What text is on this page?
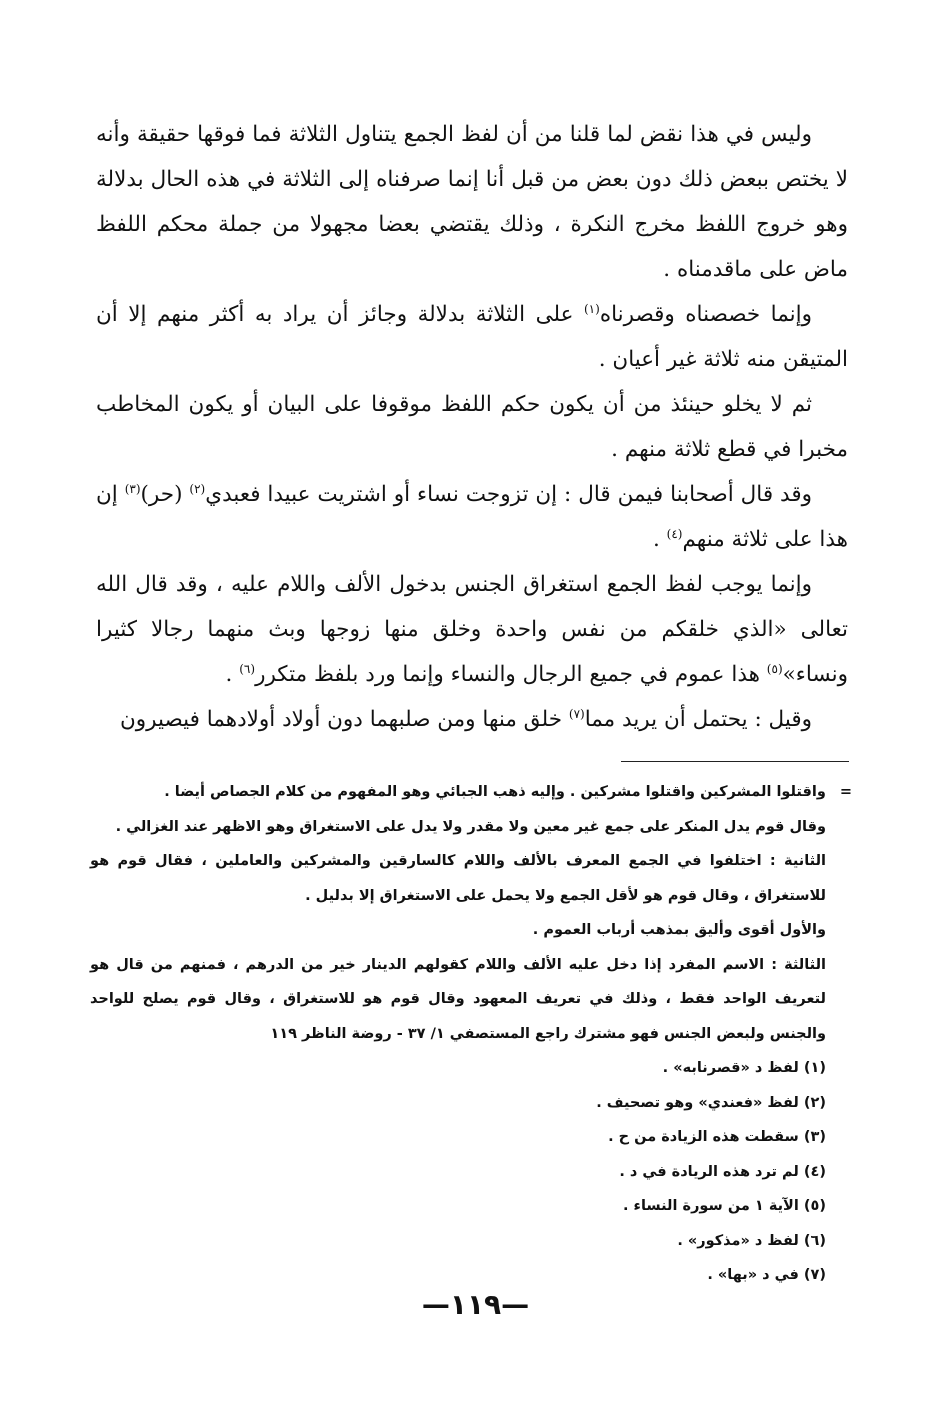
وليس في هذا نقض لما قلنا من أن لفظ الجمع يتناول الثلاثة فما فوقها حقيقة وأنه لا يختص ببعض ذلك دون بعض من قبل أنا إنما صرفناه إلى الثلاثة في هذه الحال بدلالة وهو خروج اللفظ مخرج النكرة ، وذلك يقتضي بعضا مجهولا من جملة محكم اللفظ ماض على ماقدمناه .

وإنما خصصناه وقصرناه$^{(١)}$ على الثلاثة بدلالة وجائز أن يراد به أكثر منهم إلا أن المتيقن منه ثلاثة غير أعيان .

ثم لا يخلو حينئذ من أن يكون حكم اللفظ موقوفا على البيان أو يكون المخاطب مخبرا في قطع ثلاثة منهم .

وقد قال أصحابنا فيمن قال : إن تزوجت نساء أو اشتريت عبيدا فعبدي$^{(٢)}$ (حر)$^{(٣)}$ إن هذا على ثلاثة منهم$^{(٤)}$ .

وإنما يوجب لفظ الجمع استغراق الجنس بدخول الألف واللام عليه ، وقد قال الله تعالى «الذي خلقكم من نفس واحدة وخلق منها زوجها وبث منهما رجالا كثيرا ونساء»$^{(٥)}$ هذا عموم في جميع الرجال والنساء وإنما ورد بلفظ متكرر$^{(٦)}$ .

وقيل : يحتمل أن يريد مما$^{(٧)}$ خلق منها ومن صلبهما دون أولاد أولادهما فيصيرون

=واقتلوا المشركين واقتلوا مشركين . وإليه ذهب الجبائي وهو المفهوم من كلام الجصاص أيضا .

وقال قوم يدل المنكر على جمع غير معين ولا مقدر ولا يدل على الاستغراق وهو الاظهر عند الغزالي .

الثانية : اختلفوا في الجمع المعرف بالألف واللام كالسارقين والمشركين والعاملين ، فقال قوم هو للاستغراق ، وقال قوم هو لأقل الجمع ولا يحمل على الاستغراق إلا بدليل .

والأول أقوى وأليق بمذهب أرباب العموم .

الثالثة : الاسم المفرد إذا دخل عليه الألف واللام كقولهم الدينار خير من الدرهم ، فمنهم من قال هو لتعريف الواحد فقط ، وذلك في تعريف المعهود وقال قوم هو للاستغراق ، وقال قوم يصلح للواحد والجنس ولبعض الجنس فهو مشترك راجع المستصفي ١/ ٣٧ - روضة الناظر ١١٩

(١) لفظ د «قصرنابه» .

(٢) لفظ «فعندي» وهو تصحيف .

(٣) سقطت هذه الزيادة من ح .

(٤) لم ترد هذه الريادة في د .

(٥) الآية ١ من سورة النساء .

(٦) لفظ د «مذكور» .

(٧) في د «بها» .

—١١٩—
